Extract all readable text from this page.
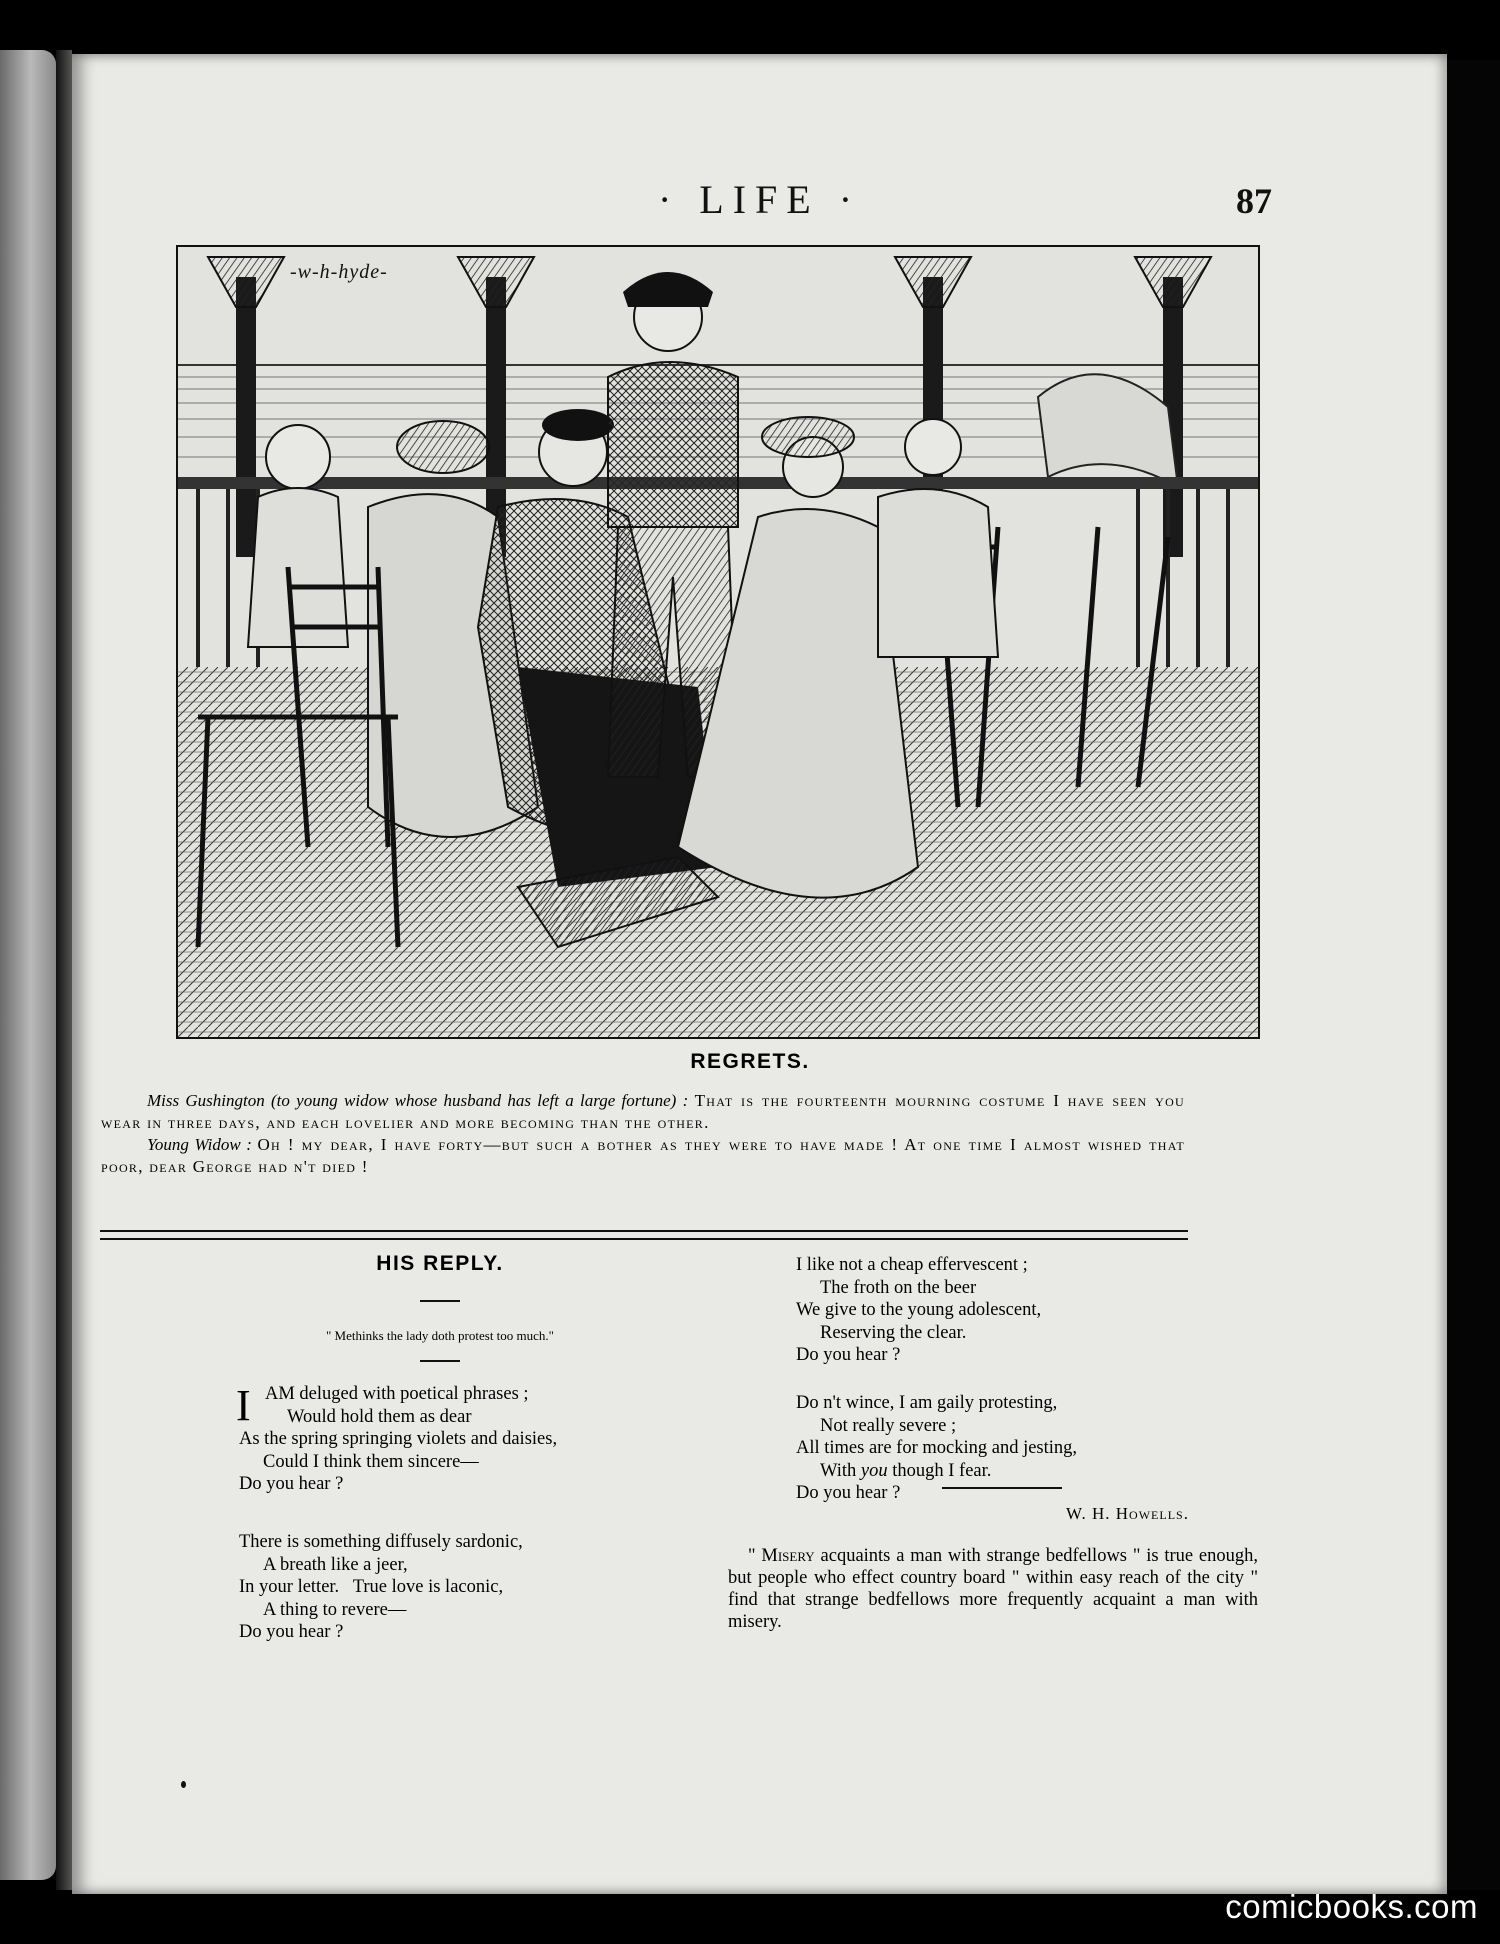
· LIFE ·	87
-w-h-hyde-
REGRETS.

Miss Gushington (to young widow whose husband has left a large fortune) : That is the fourteenth mourning costume I have seen you wear in three days, and each lovelier and more becoming than the other.

Young Widow : Oh ! my dear, I have forty—but such a bother as they were to have made ! At one time I almost wished that poor, dear George had n't died !

HIS REPLY.
" Methinks the lady doth protest too much."
I AM deluged with poetical phrases ;
Would hold them as dear
As the spring springing violets and daisies,
Could I think them sincere—
Do you hear ?
There is something diffusely sardonic,
A breath like a jeer,
In your letter.   True love is laconic,
A thing to revere—
Do you hear ?
I like not a cheap effervescent ;
The froth on the beer
We give to the young adolescent,
Reserving the clear.
Do you hear ?
Do n't wince, I am gaily protesting,
Not really severe ;
All times are for mocking and jesting,
With you though I fear.
Do you hear ?
W. H. Howells.

" Misery acquaints a man with strange bedfellows " is true enough, but people who effect country board " within easy reach of the city " find that strange bedfellows more frequently acquaint a man with misery.

comicbooks.com
